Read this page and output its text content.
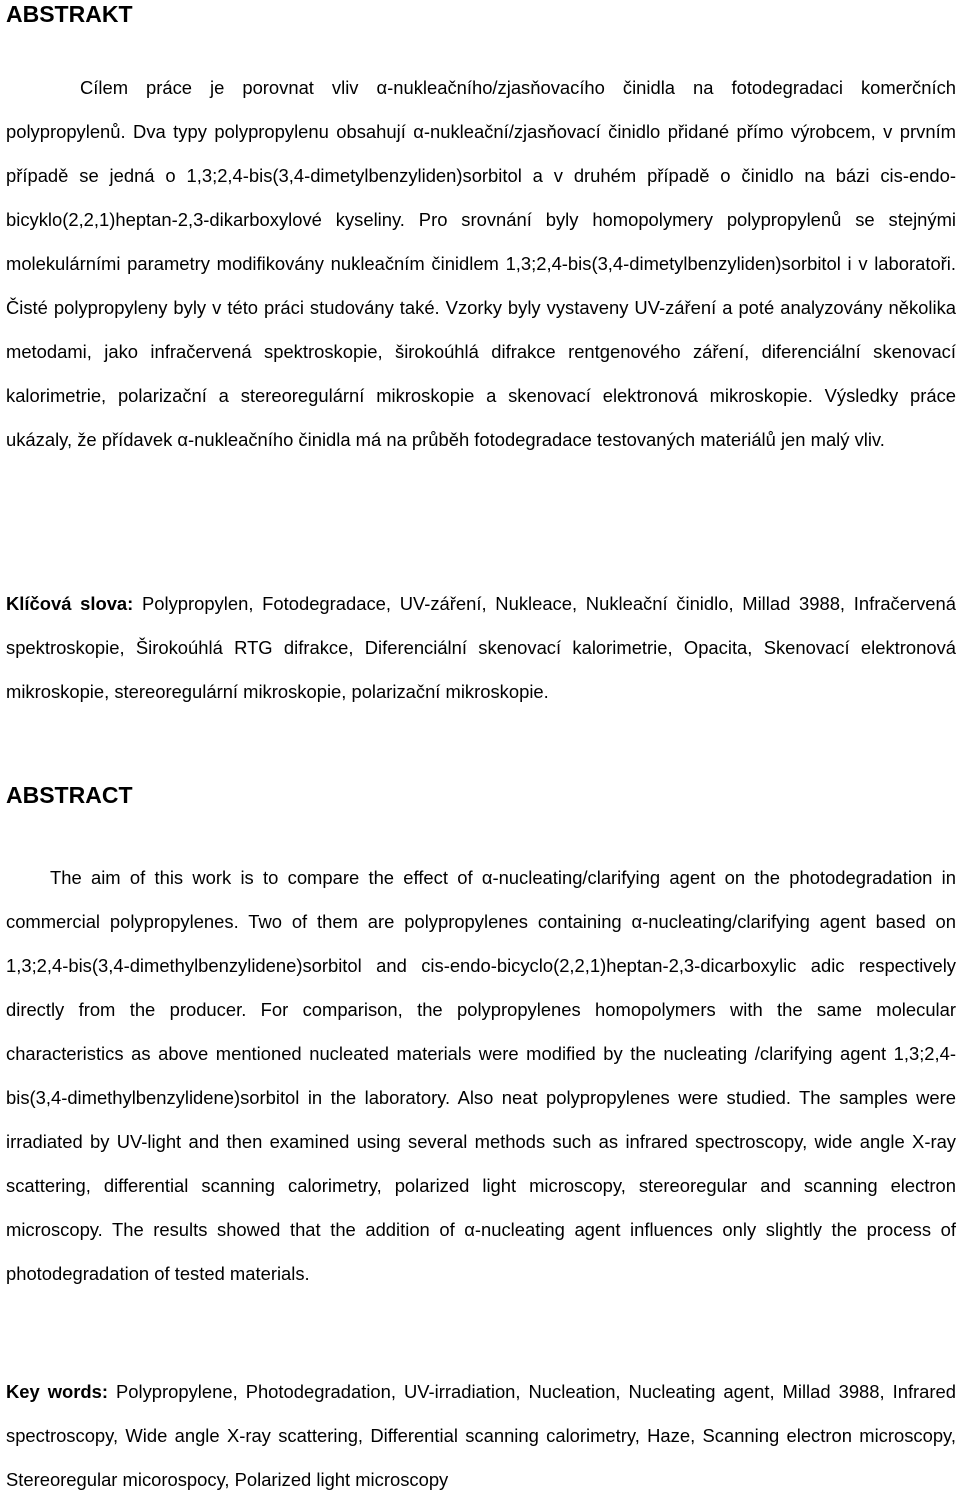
ABSTRAKT

Cílem práce je porovnat vliv α-nukleačního/zjasňovacího činidla na fotodegradaci komerčních polypropylenů. Dva typy polypropylenu obsahují α-nukleační/zjasňovací činidlo přidané přímo výrobcem, v prvním případě se jedná o 1,3;2,4-bis(3,4-dimetylbenzyliden)sorbitol a v druhém případě o činidlo na bázi cis-endo-bicyklo(2,2,1)heptan-2,3-dikarboxylové kyseliny. Pro srovnání byly homopolymery polypropylenů se stejnými molekulárními parametry modifikovány nukleačním činidlem 1,3;2,4-bis(3,4-dimetylbenzyliden)sorbitol i v laboratoři. Čisté polypropyleny byly v této práci studovány také. Vzorky byly vystaveny UV-záření a poté analyzovány několika metodami, jako infračervená spektroskopie, širokoúhlá difrakce rentgenového záření, diferenciální skenovací kalorimetrie, polarizační a stereoregulární mikroskopie a skenovací elektronová mikroskopie. Výsledky práce ukázaly, že přídavek α-nukleačního činidla má na průběh fotodegradace testovaných materiálů jen malý vliv.

Klíčová slova: Polypropylen, Fotodegradace, UV-záření, Nukleace, Nukleační činidlo, Millad 3988, Infračervená spektroskopie, Širokoúhlá RTG difrakce, Diferenciální skenovací kalorimetrie, Opacita, Skenovací elektronová mikroskopie, stereoregulární mikroskopie, polarizační mikroskopie.

ABSTRACT

The aim of this work is to compare the effect of α-nucleating/clarifying agent on the photodegradation in commercial polypropylenes. Two of them are polypropylenes containing α-nucleating/clarifying agent based on 1,3;2,4-bis(3,4-dimethylbenzylidene)sorbitol and cis-endo-bicyclo(2,2,1)heptan-2,3-dicarboxylic adic respectively directly from the producer. For comparison, the polypropylenes homopolymers with the same molecular characteristics as above mentioned nucleated materials were modified by the nucleating /clarifying agent 1,3;2,4-bis(3,4-dimethylbenzylidene)sorbitol in the laboratory. Also neat polypropylenes were studied. The samples were irradiated by UV-light and then examined using several methods such as infrared spectroscopy, wide angle X-ray scattering, differential scanning calorimetry, polarized light microscopy, stereoregular and scanning electron microscopy. The results showed that the addition of α-nucleating agent influences only slightly the process of photodegradation of tested materials.

Key words: Polypropylene, Photodegradation, UV-irradiation, Nucleation, Nucleating agent, Millad 3988, Infrared spectroscopy, Wide angle X-ray scattering, Differential scanning calorimetry, Haze, Scanning electron microscopy, Stereoregular micorospocy, Polarized light microscopy
